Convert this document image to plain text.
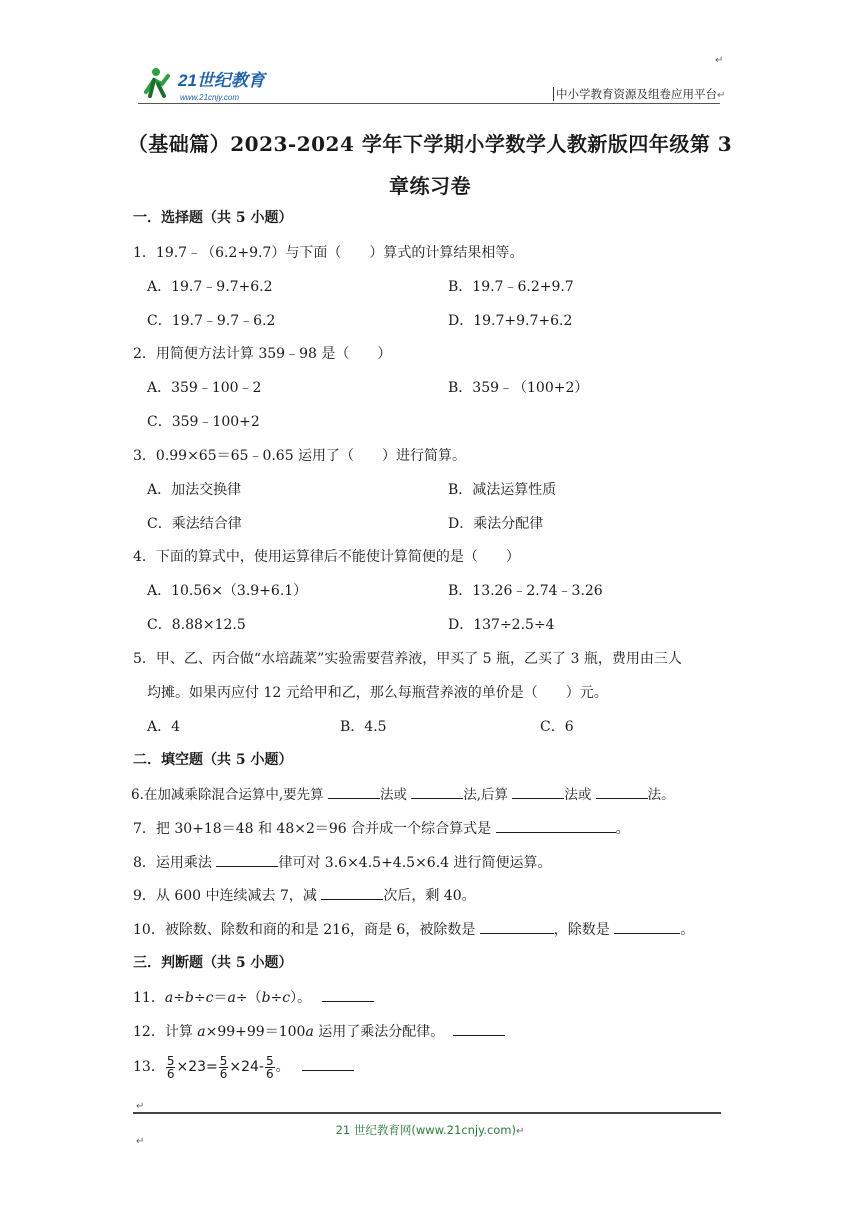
21世纪教育
www.21cnjy.com
↵
中小学教育资源及组卷应用平台↵
（基础篇）2023-2024 学年下学期小学数学人教新版四年级第 3
章练习卷
一．选择题（共 5 小题）
1．19.7﹣（6.2+9.7）与下面（　　）算式的计算结果相等。
A．19.7﹣9.7+6.2	B．19.7﹣6.2+9.7
C．19.7﹣9.7﹣6.2	D．19.7+9.7+6.2
2．用简便方法计算 359﹣98 是（　　）
A．359﹣100﹣2	B．359﹣（100+2）
C．359﹣100+2
3．0.99×65＝65﹣0.65 运用了（　　）进行简算。
A．加法交换律	B．减法运算性质
C．乘法结合律	D．乘法分配律
4．下面的算式中，使用运算律后不能使计算简便的是（　　）
A．10.56×（3.9+6.1）	B．13.26﹣2.74﹣3.26
C．8.88×12.5	D．137÷2.5÷4
5．甲、乙、丙合做“水培蔬菜”实验需要营养液，甲买了 5 瓶，乙买了 3 瓶，费用由三人
均摊。如果丙应付 12 元给甲和乙，那么每瓶营养液的单价是（　　）元。
A．4	B．4.5	C．6
二．填空题（共 5 小题）
6.在加减乘除混合运算中,要先算	法或	法,后算	法或	法。
7．把 30+18＝48 和 48×2＝96 合并成一个综合算式是	。
8．运用乘法	律可对 3.6×4.5+4.5×6.4 进行简便运算。
9．从 600 中连续减去 7，减	次后，剩 40。
10．被除数、除数和商的和是 216，商是 6，被除数是	，除数是	。
三．判断题（共 5 小题）
11．a÷b÷c＝a÷（b÷c）。
12．计算 a×99+99＝100a 运用了乘法分配律。
13． $\frac{5}{6} \times 23= \frac{5}{6} \times 24- \frac{5}{6}$ 。
↵
21 世纪教育网(www.21cnjy.com)↵
↵
